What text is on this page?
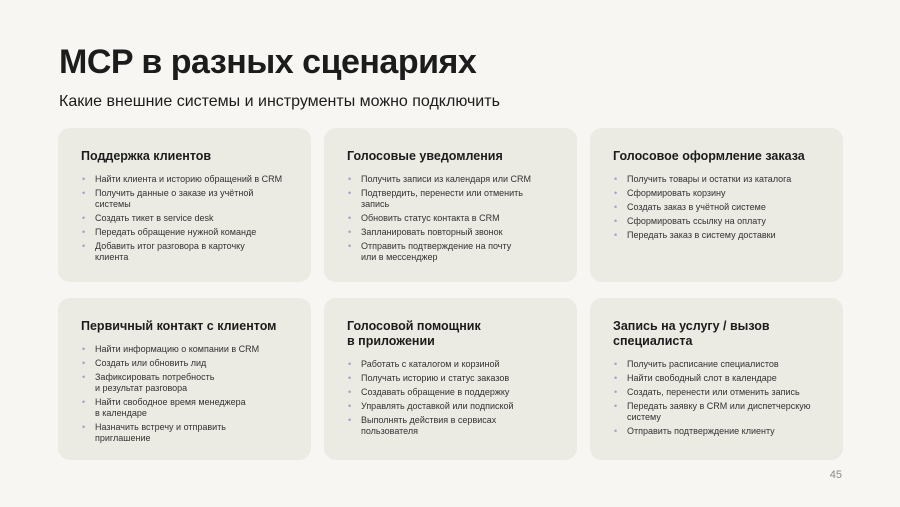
MCP в разных сценариях

Какие внешние системы и инструменты можно подключить

Поддержка клиентов
• Найти клиента и историю обращений в CRM
• Получить данные о заказе из учётной
системы
• Создать тикет в service desk
• Передать обращение нужной команде
• Добавить итог разговора в карточку
клиента
Голосовые уведомления
• Получить записи из календаря или CRM
• Подтвердить, перенести или отменить
запись
• Обновить статус контакта в CRM
• Запланировать повторный звонок
• Отправить подтверждение на почту
или в мессенджер
Голосовое оформление заказа
• Получить товары и остатки из каталога
• Сформировать корзину
• Создать заказ в учётной системе
• Сформировать ссылку на оплату
• Передать заказ в систему доставки
Первичный контакт с клиентом
• Найти информацию о компании в CRM
• Создать или обновить лид
• Зафиксировать потребность
и результат разговора
• Найти свободное время менеджера
в календаре
• Назначить встречу и отправить
приглашение
Голосовой помощник
в приложении
• Работать с каталогом и корзиной
• Получать историю и статус заказов
• Создавать обращение в поддержку
• Управлять доставкой или подпиской
• Выполнять действия в сервисах
пользователя
Запись на услугу / вызов
специалиста
• Получить расписание специалистов
• Найти свободный слот в календаре
• Создать, перенести или отменить запись
• Передать заявку в CRM или диспетчерскую
систему
• Отправить подтверждение клиенту
45
